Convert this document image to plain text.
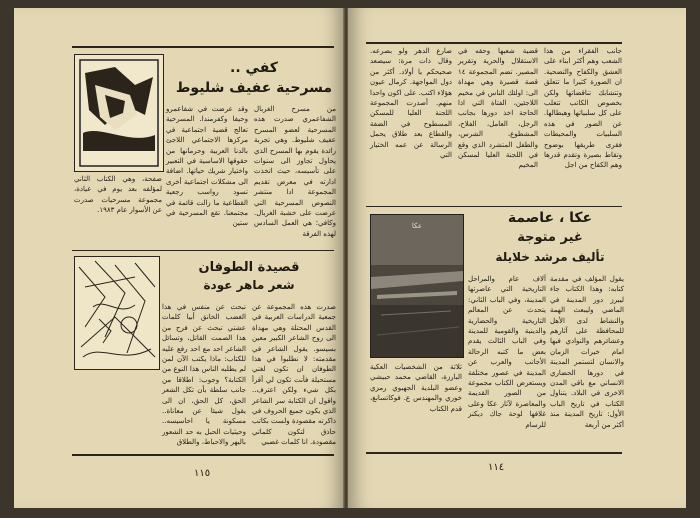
كفى مسرحية عفيف شليوط
كفي ..
مسرحية عفيف شليوط
من مسرح الغربال الشفاعمري صدرت هذه المسرحية لعضو المسرح عفيف شليوط. وهي تجربة رائدة يقوم بها المسرح الذي يحاول تجاوز الى سنوات على تأسيسه، حيث اتخذت ادارته في معرض تقديم المجموعة ادا منتشر النصوص المسرحية التي عرضت على خشبة الغربال. وكافي؛ هي العمل السادس لهذه الفرقة
وقد عرضت في شفاعمرو وحيفا وكفرمندا. المسرحية تعالج قضية اجتماعية في مركزها الاجتماعي اللاجئ بالدنا العربية وحرمانها من حقوقها الاساسية في التعبير واختيار شريك حياتها. اضافة الى مشكلات اجتماعية أخرى تسود رواسب رجعية القطاعية ما زالت قائمة في مجتمعنا. تقع المسرحية في ستين
صفحة، وهي الكتاب الثاني لمؤلفه بعد يوم في عيادة، مجموعة مسرحيات صدرت عن الأسوار عام ١٩٨٣.
قصيدة الطوفان
شعر ماهر عودة
صدرت هذه المجموعة عن جمعية الدراسات العربية في القدس المحتلة وهي مهداة الى روح الشاعر الكبير معين بسيسو. يقول الشاعر في مقدمته: لا نطلبوا في هذا الطوفان ان تكون لغتي مستحيلة فأنت تكون لي أقرأ بكل شيء ولكن اعترف.. واقول ان الكتابة سر الشاعر الذي يكون جميع الحروف في ذاكرته مقصودة ولست بكاتب حاذق لتكون كلماتي مقصودة. انا كلمات غضبي
تبحث عن منفس في هذا الغضب الخانق أبيا كلمات عشتي تبحث عن فرح من هذا الصمت القاتل، وتسائل الشاعر احد مع احد رفع عليه للكتاب: ماذا يكتب الآن لمن لم يطلبه الناس هذا النوع من الكتابة؟ وجوب: اطلاقا من جانب سلطة بأن تكل الشعر الحق، كل الحق، ان الى يقول شيئا عن معاناة.. مسكونة يا احاسيسه.. وحيثيات الحبل به حد الشعور باليهر والاحباط، والطلاق
١١٥
جانب الفقراء من هذا الشعب وهم أكثر ابناء على العشق والكفاح والتضحية. ان الصورة كثيرا ما تتعلق وتتشابك تناقضاتها ولكن بخصوص الكاتب تتغلب على كل سلبياتها وهيطالها. عن الصور في هذه السلبيات والمحيطات فقرى طريقها بوضوح وتقاط بصيرة وتقدم قدرها وهم الكفاح من اجل
قضية شعبها وحقه في الاستقلال والحرية وتقرير المصير. تضم المجموعة ١٤ قصة قصيرة وهي مهداة الى: اولئك الناس في مخيم اللاجئين، الفتاة التي اذا الحاجة اخذ دورها بجانب الرجل، العامل، الفلاح، المشطوع، الشرس، والطفل المتشرد الذي وقع في اللجنة العليا لمسكن المخيم
صارع الدهر ولو بصرعه. وقال ذات مرة: سيصعد صحيحكم يا أولاد. أكثر من دول المواجهة. كرمال عيون هؤلاء اكتب. على اكون واحدا منهم. أصدرت المجموعة اللجنة العليا للمسكن المسطوح في الضفة والقطاع بعد طلاق يحمل الرسالة عن عمه الختيار التي
عكا ، عاصمة
غير متوجة
تأليف مرشد خلايلة
عكا
يقول المؤلف في مقدمة كتابه: وهذا الكتاب جاء ليبرز دور المدينة في الماضي وليبعث الهمة والنشاط لدى الأهل للمحافظة على آثارهم وعشائرهم والنوادي فيها امام خيرات الزمان والانسان لتستمر المدينة في دورها الحضاري الانساني مع باقي المدن الاخرى في البلاد. يتناول الكتاب في تاريخ الباب الأول: تاريخ المدينة منذ أكثر من أربعة
آلاف عام والمراحل التاريخية التي عاصرتها المدينة، وفي الباب الثاني: يتحدث عن المعالم التاريخية والحضارية والدينية والقومية للمدينة وفي الباب الثالث يقدم بعض ما كتبه الرحالة الأجانب والعرب عن المدينة في عصور مختلفة ويستعرض الكتاب مجموعة من الصور القديمة والمعاصرة لآثار عكا وعلى غلافها لوحة جاك ديكنز للرسام
ثلاثة من الشخصيات العكية البارزة، القاضي محمد حبيشي وعضو البلدية الجهبوي رمزي خوري والمهندس ع. فوكاتسانغ، قدم الكتاب
١١٤
